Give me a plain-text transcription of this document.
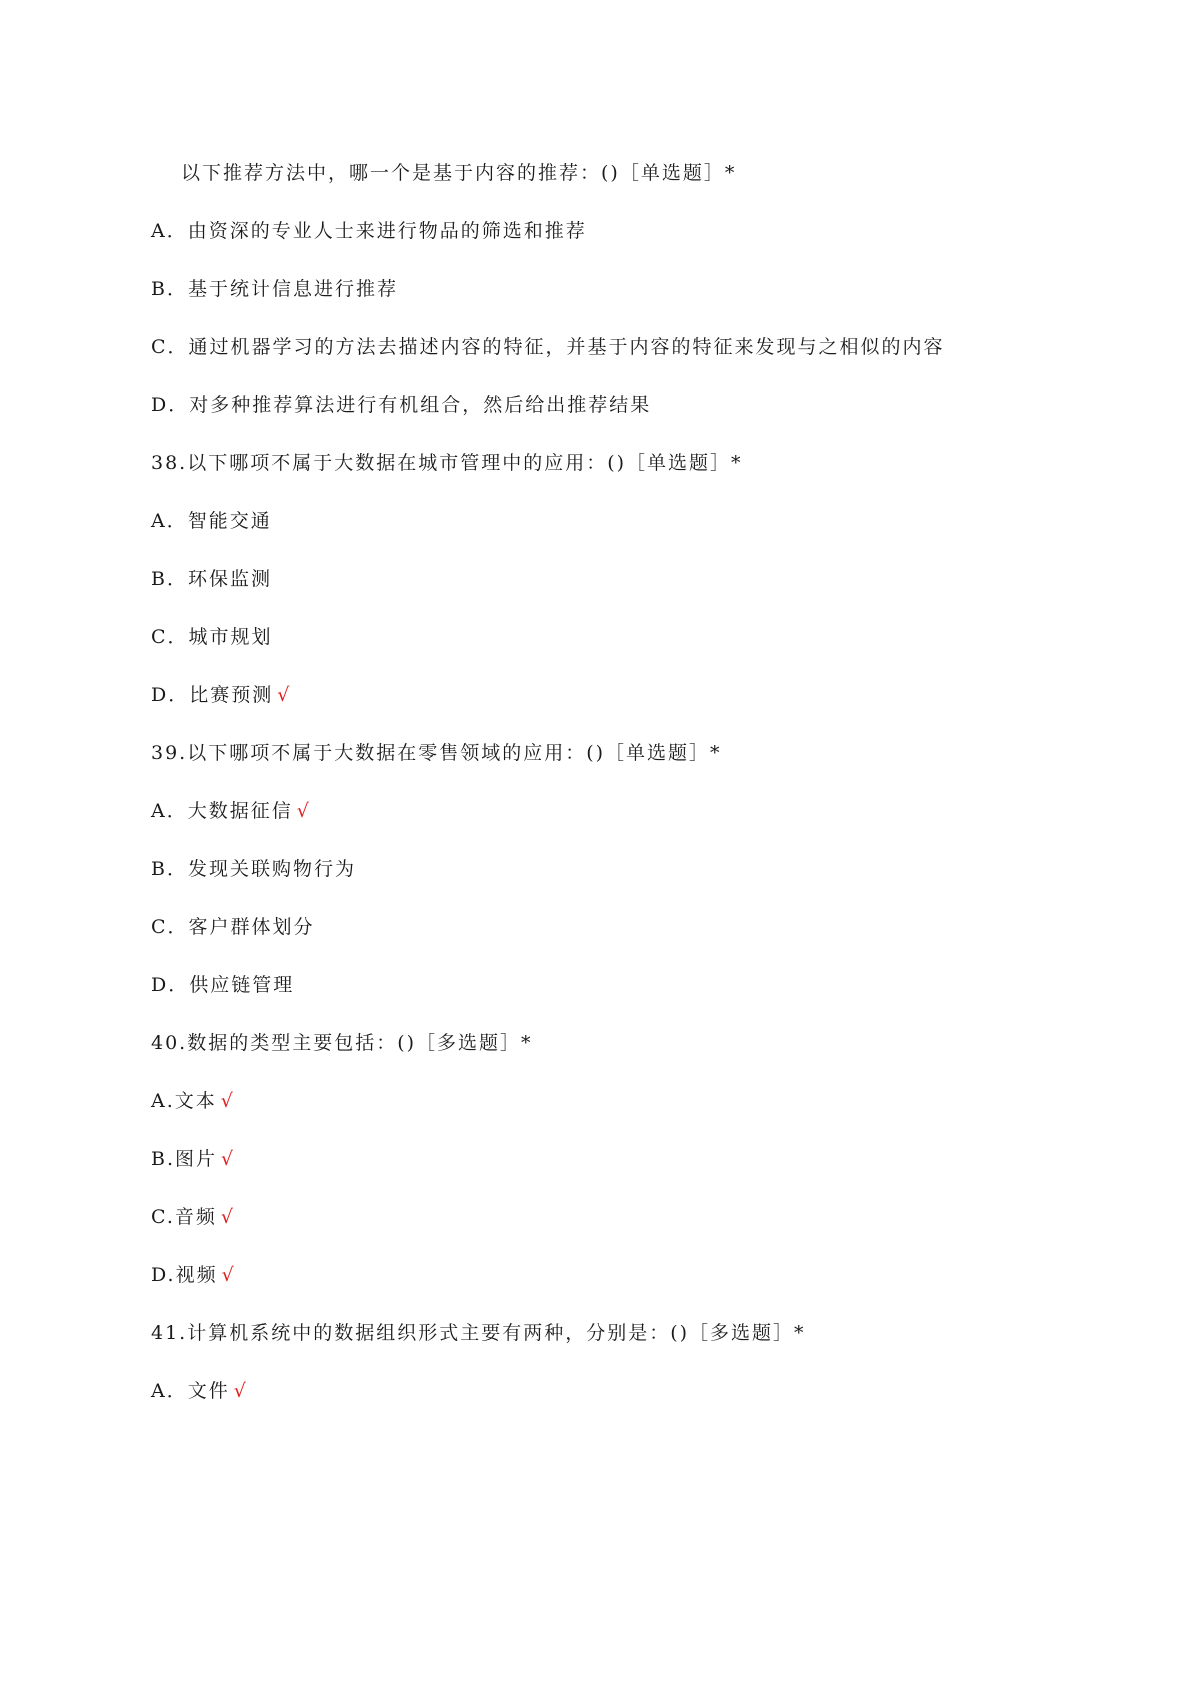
以下推荐方法中，哪一个是基于内容的推荐：()［单选题］*
A．由资深的专业人士来进行物品的筛选和推荐
B．基于统计信息进行推荐
C．通过机器学习的方法去描述内容的特征，并基于内容的特征来发现与之相似的内容
D．对多种推荐算法进行有机组合，然后给出推荐结果
38.以下哪项不属于大数据在城市管理中的应用：()［单选题］*
A．智能交通
B．环保监测
C．城市规划
D．比赛预测 √
39.以下哪项不属于大数据在零售领域的应用：()［单选题］*
A．大数据征信 √
B．发现关联购物行为
C．客户群体划分
D．供应链管理
40.数据的类型主要包括：()［多选题］*
A.文本 √
B.图片 √
C.音频 √
D.视频 √
41.计算机系统中的数据组织形式主要有两种，分别是：()［多选题］*
A．文件 √
